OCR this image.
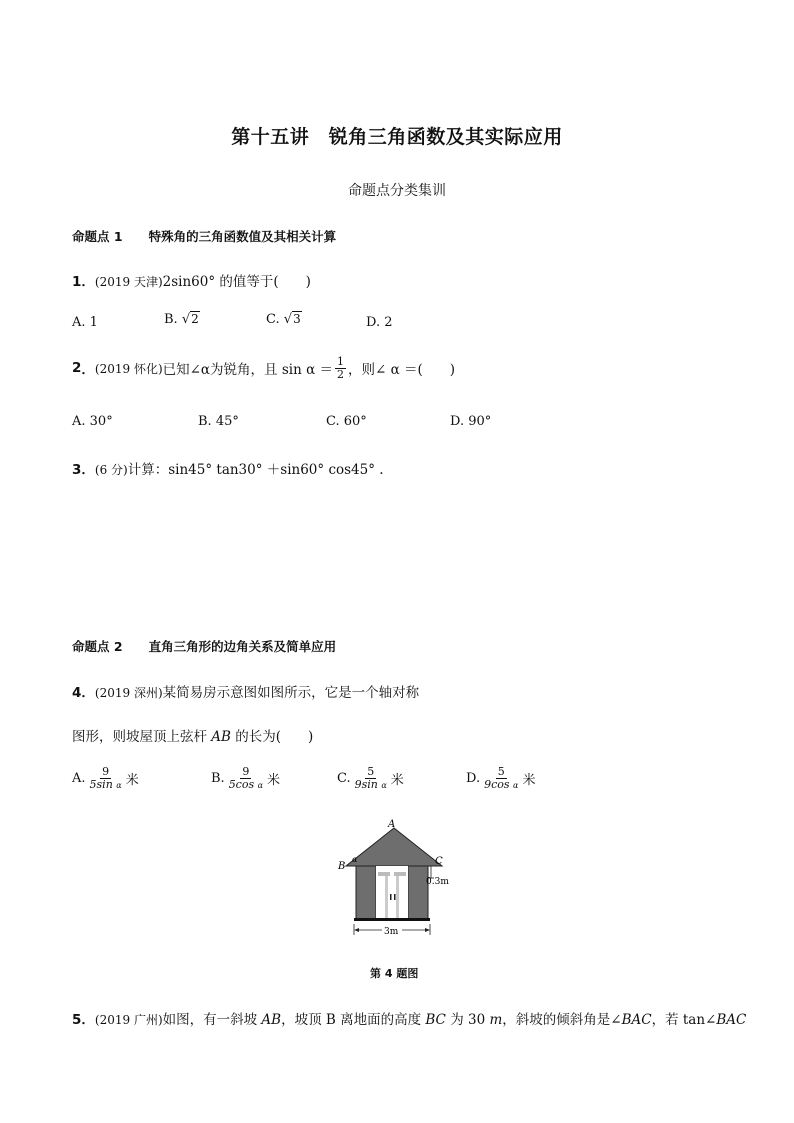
第十五讲　锐角三角函数及其实际应用
命题点分类集训
命题点 1 特殊角的三角函数值及其相关计算
1．(2019 天津)2sin60° 的值等于(　　)
A. 1	B. √2	C. √3	D. 2
2 ． (2019 怀化) 已知∠α为锐角，且 $\sin \alpha = \frac{1}{2}$ ，则∠ α ＝(　　)
A. 30°	B. 45°	C. 60°	D. 90°
3．(6 分)计算：sin45° tan30° ＋sin60° cos45° .
命题点 2 直角三角形的边角关系及简单应用
4．(2019 深州)某简易房示意图如图所示，它是一个轴对称
图形，则坡屋顶上弦杆 AB 的长为(　　)
A. $\frac{9}{\text{5sin α}}$ 米	B. $\frac{9}{\text{5cos α}}$ 米	C. $\frac{5}{\text{9sin α}}$ 米	D. $\frac{5}{\text{9cos α}}$ 米
A
B
α	C
0.3m
3m
第 4 题图
5．(2019 广州)如图，有一斜坡 AB，坡顶 B 离地面的高度 BC 为 30 m，斜坡的倾斜角是∠BAC，若 tan∠BAC
